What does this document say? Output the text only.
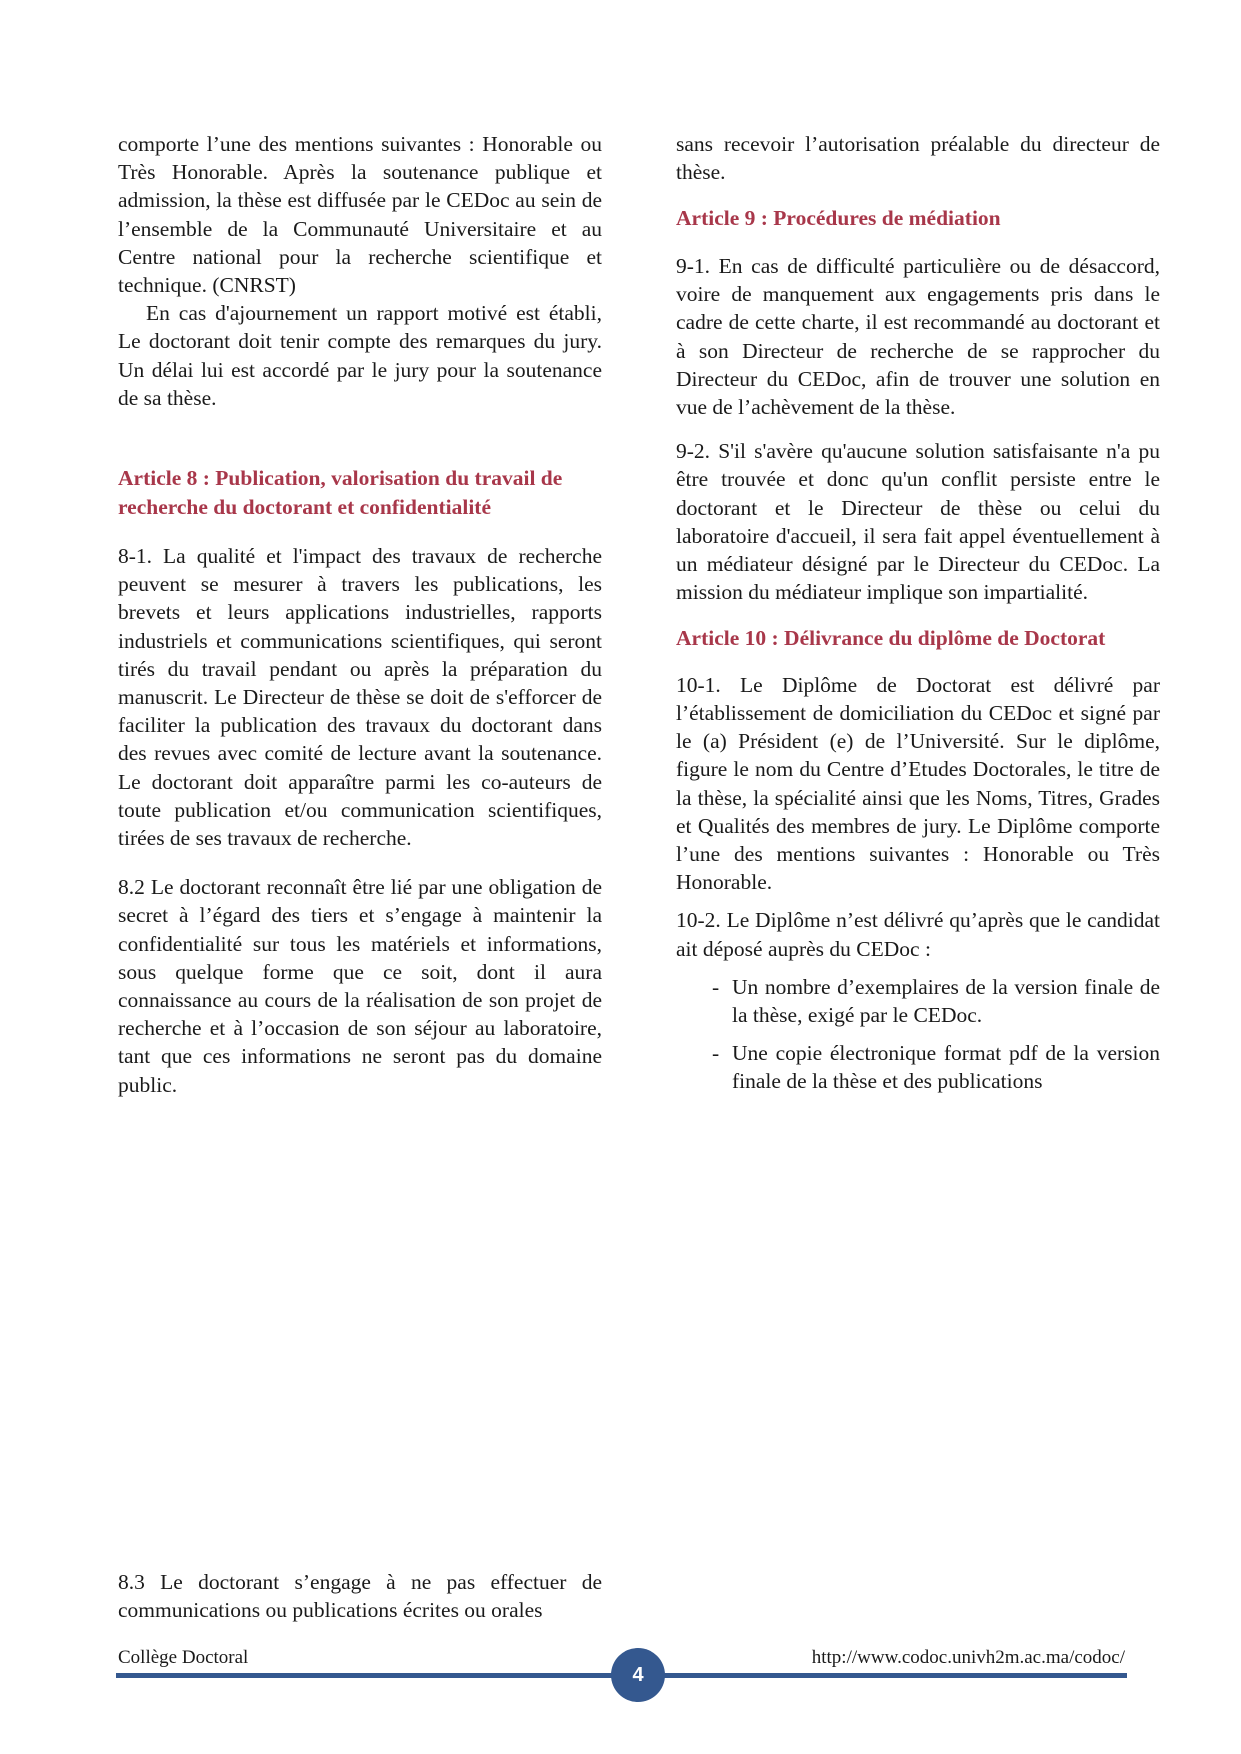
comporte l’une des mentions suivantes : Honorable ou Très Honorable. Après la soutenance publique et admission, la thèse est diffusée par le CEDoc au sein de l’ensemble de la Communauté Universitaire et au Centre national pour la recherche scientifique et technique. (CNRST)

En cas d'ajournement un rapport motivé est établi, Le doctorant doit tenir compte des remarques du jury. Un délai lui est accordé par le jury pour la soutenance de sa thèse.

Article 8 : Publication, valorisation du travail de recherche du doctorant et confidentialité

8-1. La qualité et l'impact des travaux de recherche peuvent se mesurer à travers les publications, les brevets et leurs applications industrielles, rapports industriels et communications scientifiques, qui seront tirés du travail pendant ou après la préparation du manuscrit. Le Directeur de thèse se doit de s'efforcer de faciliter la publication des travaux du doctorant dans des revues avec comité de lecture avant la soutenance. Le doctorant doit apparaître parmi les co-auteurs de toute publication et/ou communication scientifiques, tirées de ses travaux de recherche.

8.2 Le doctorant reconnaît être lié par une obligation de secret à l’égard des tiers et s’engage à maintenir la confidentialité sur tous les matériels et informations, sous quelque forme que ce soit, dont il aura connaissance au cours de la réalisation de son projet de recherche et à l’occasion de son séjour au laboratoire, tant que ces informations ne seront pas du domaine public.

8.3 Le doctorant s’engage à ne pas effectuer de communications ou publications écrites ou orales

sans recevoir l’autorisation préalable du directeur de thèse.

Article 9 : Procédures de médiation

9-1. En cas de difficulté particulière ou de désaccord, voire de manquement aux engagements pris dans le cadre de cette charte, il est recommandé au doctorant et à son Directeur de recherche de se rapprocher du Directeur du CEDoc, afin de trouver une solution en vue de l’achèvement de la thèse.

9-2. S'il s'avère qu'aucune solution satisfaisante n'a pu être trouvée et donc qu'un conflit persiste entre le doctorant et le Directeur de thèse ou celui du laboratoire d'accueil, il sera fait appel éventuellement à un médiateur désigné par le Directeur du CEDoc. La mission du médiateur implique son impartialité.

Article 10 : Délivrance du diplôme de Doctorat

10-1. Le Diplôme de Doctorat est délivré par l’établissement de domiciliation du CEDoc et signé par le (a) Président (e) de l’Université. Sur le diplôme, figure le nom du Centre d’Etudes Doctorales, le titre de la thèse, la spécialité ainsi que les Noms, Titres, Grades et Qualités des membres de jury. Le Diplôme comporte l’une des mentions suivantes : Honorable ou Très Honorable.

10-2. Le Diplôme n’est délivré qu’après que le candidat ait déposé auprès du CEDoc :

- Un nombre d’exemplaires de la version finale de la thèse, exigé par le CEDoc.
- Une copie électronique format pdf de la version finale de la thèse et des publications
Collège Doctoral	http://www.codoc.univh2m.ac.ma/codoc/
4
